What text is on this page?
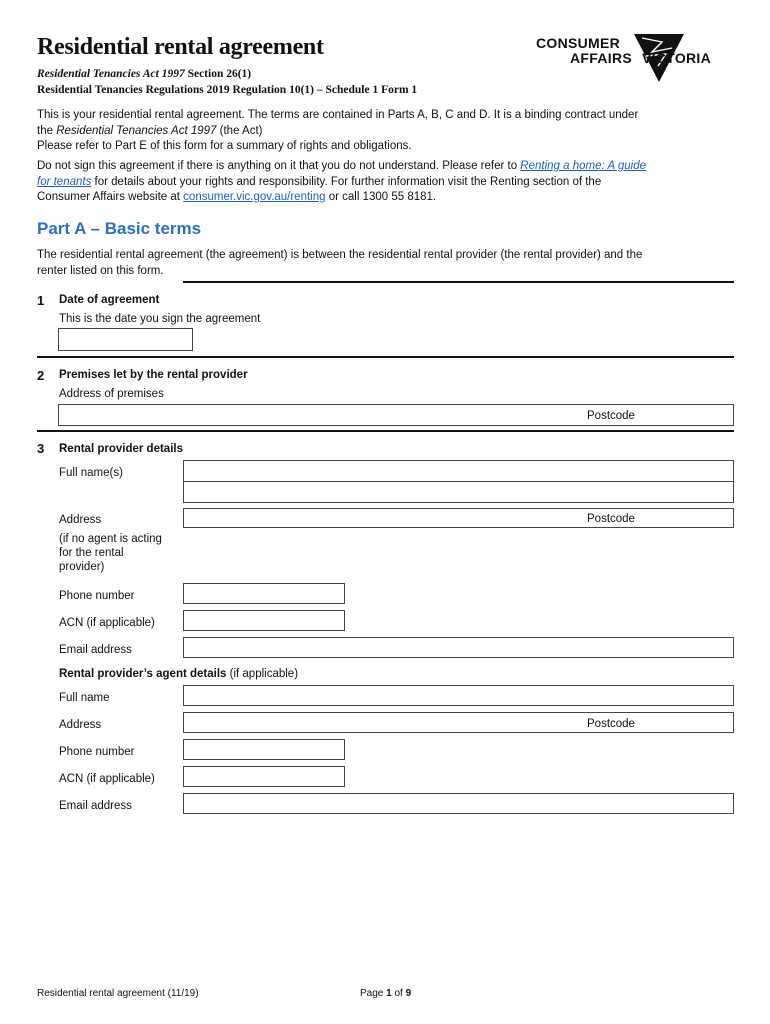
Residential rental agreement
Residential Tenancies Act 1997 Section 26(1)
Residential Tenancies Regulations 2019 Regulation 10(1) – Schedule 1 Form 1
CONSUMER
AFFAIRS VICTORIA
This is your residential rental agreement. The terms are contained in Parts A, B, C and D. It is a binding contract under
the Residential Tenancies Act 1997 (the Act)
Please refer to Part E of this form for a summary of rights and obligations.
Do not sign this agreement if there is anything on it that you do not understand. Please refer to Renting a home: A guide
for tenants for details about your rights and responsibility. For further information visit the Renting section of the
Consumer Affairs website at consumer.vic.gov.au/renting or call 1300 55 8181.
Part A – Basic terms
The residential rental agreement (the agreement) is between the residential rental provider (the rental provider) and the
renter listed on this form.
1 Date of agreement
This is the date you sign the agreement
2 Premises let by the rental provider
Address of premises
Postcode
3 Rental provider details
Full name(s)
Address	Postcode
(if no agent is acting
for the rental
provider)
Phone number
ACN (if applicable)
Email address
Rental provider’s agent details (if applicable)
Full name
Address	Postcode
Phone number
ACN (if applicable)
Email address
Residential rental agreement (11/19)	Page 1 of 9
